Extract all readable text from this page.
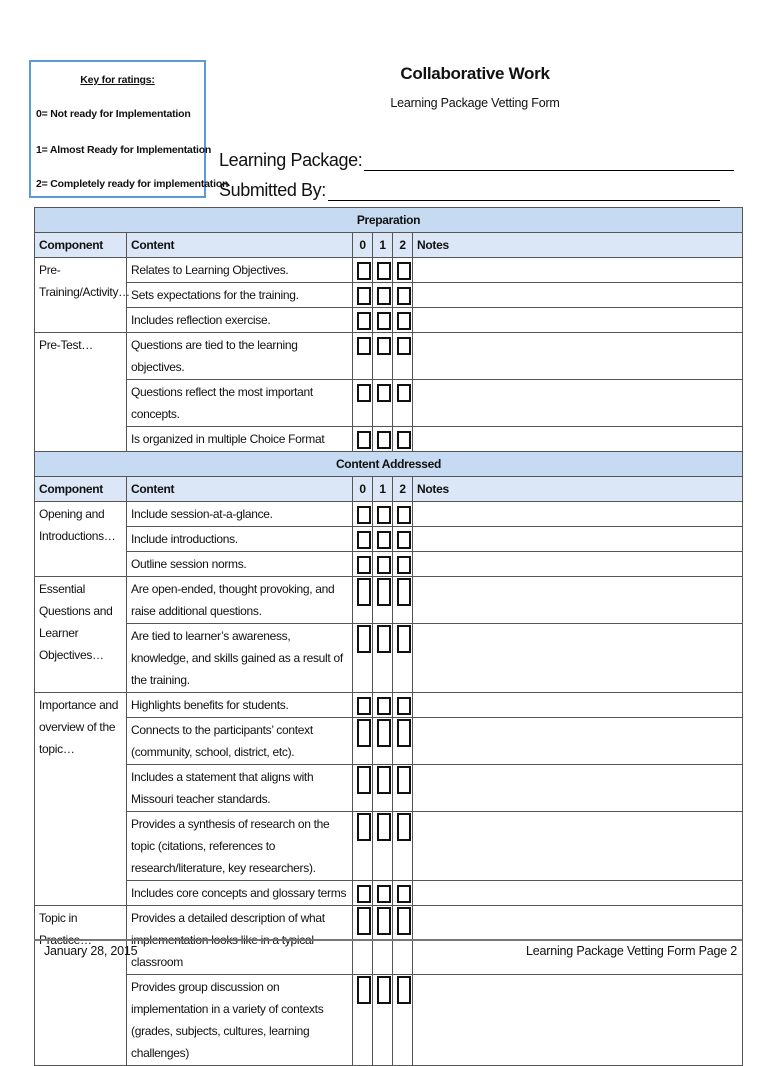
Key for ratings:
0= Not ready for Implementation
1= Almost Ready for Implementation
2= Completely ready for implementation
Collaborative Work
Learning Package Vetting Form
Learning Package:
Submitted By:
Preparation					
Component	Content	0	1	2	Notes
Pre-Training/Activity…	Relates to Learning Objectives.				
	Sets expectations for the training.				
	Includes reflection exercise.				
Pre-Test…	Questions are tied to the learning objectives.				
	Questions reflect the most important concepts.				
	Is organized in multiple Choice Format				
Content Addressed					
Component	Content	0	1	2	Notes
Opening and Introductions…	Include session-at-a-glance.				
	Include introductions.				
	Outline session norms.				
Essential Questions and Learner Objectives…	Are open-ended, thought provoking, and raise additional questions.				
	Are tied to learner’s awareness, knowledge, and skills gained as a result of the training.				
Importance and overview of the topic…	Highlights benefits for students.				
	Connects to the participants’ context (community, school, district, etc).				
	Includes a statement that aligns with Missouri teacher standards.				
	Provides a synthesis of research on the topic (citations, references to research/literature, key researchers).				
	Includes core concepts and glossary terms				
Topic in Practice…	Provides a detailed description of what implementation looks like in a typical classroom				
	Provides group discussion on implementation in a variety of contexts (grades, subjects, cultures, learning challenges)				
January 28, 2015	Learning Package Vetting Form Page 2
